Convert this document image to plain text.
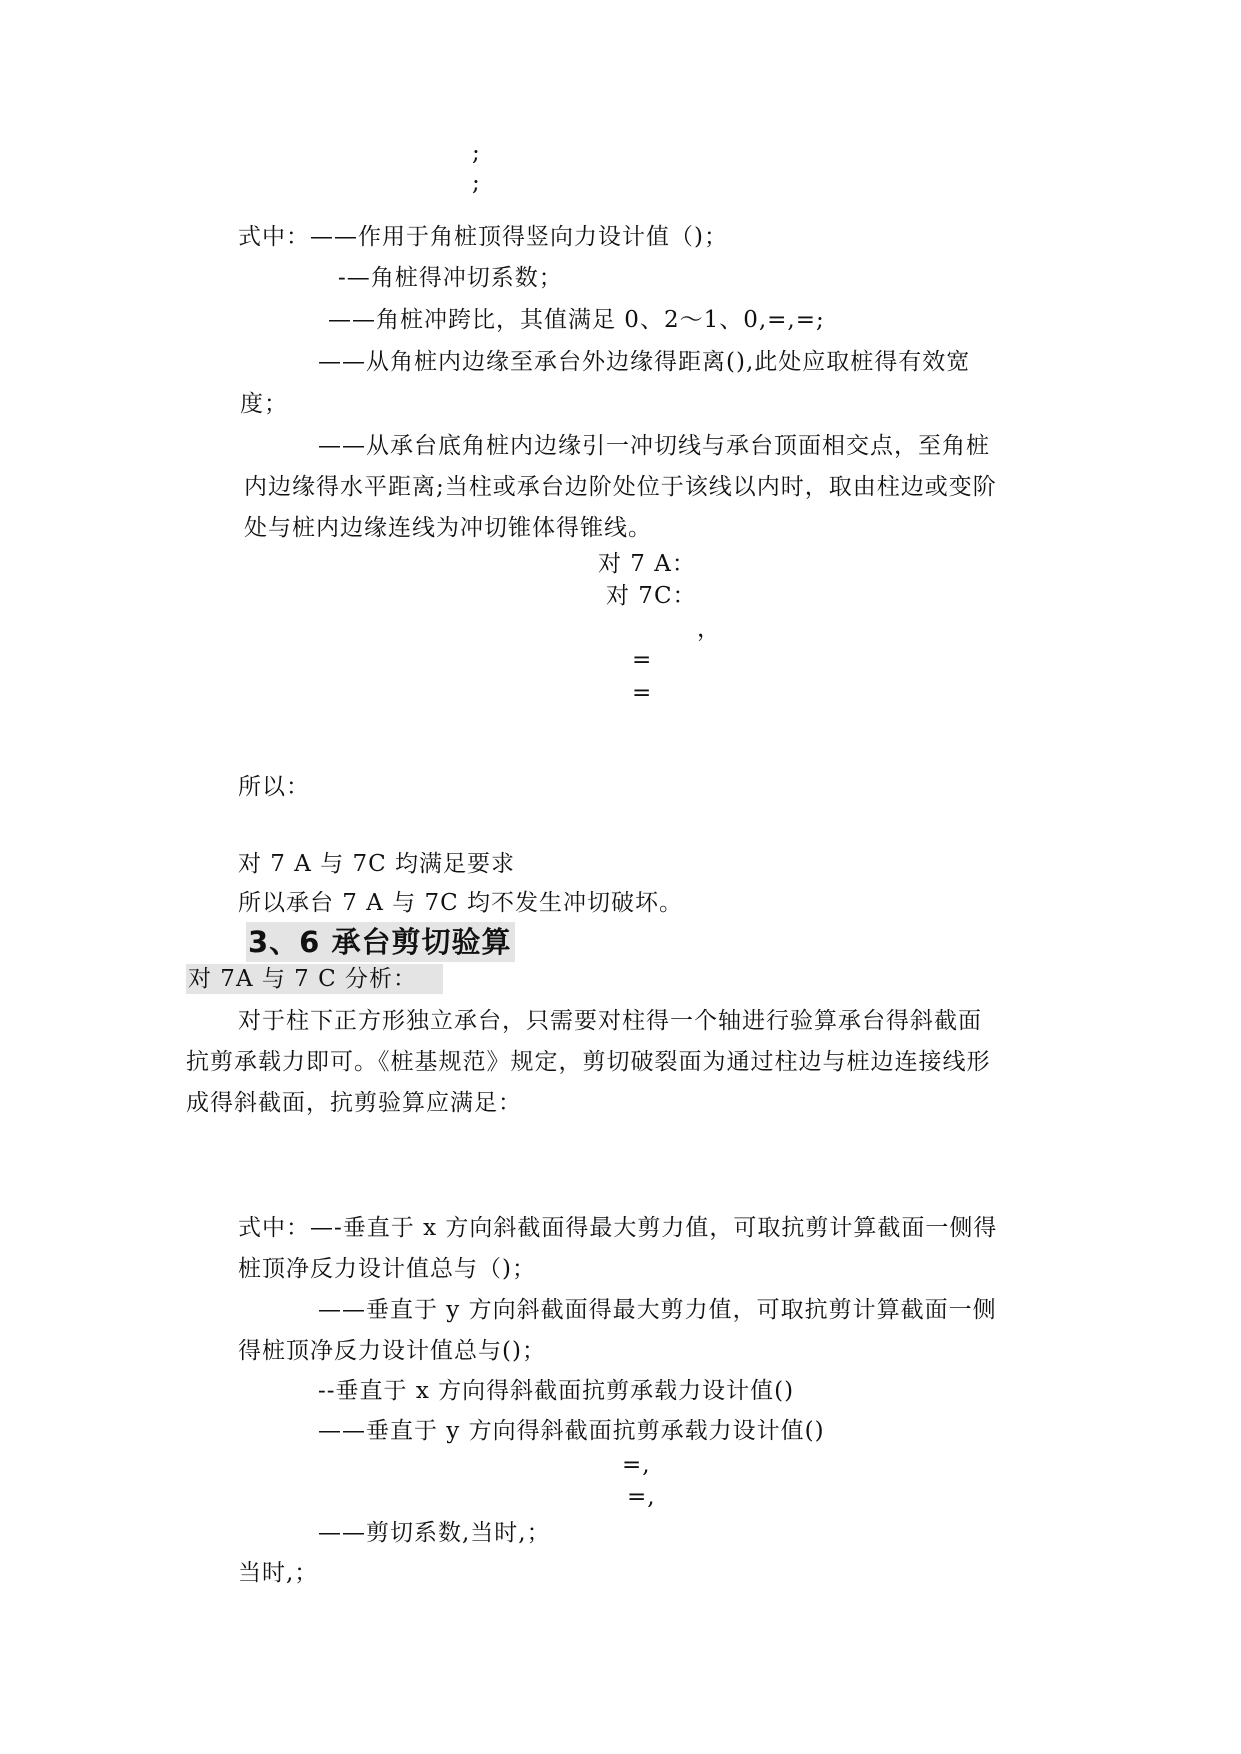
;
;
式中：——作用于角桩顶得竖向力设计值（)；
-—角桩得冲切系数；
——角桩冲跨比，其值满足 0、2～1、0,=,=;
——从角桩内边缘至承台外边缘得距离(),此处应取桩得有效宽
度；
——从承台底角桩内边缘引一冲切线与承台顶面相交点，至角桩
内边缘得水平距离;当柱或承台边阶处位于该线以内时，取由柱边或变阶
处与桩内边缘连线为冲切锥体得锥线。
对 7 A：
对 7C：
，
=
=
所以：
对 7 A 与 7C 均满足要求
所以承台 7 A 与 7C 均不发生冲切破坏。
3、6 承台剪切验算
对 7A 与 7 C 分析：
对于柱下正方形独立承台，只需要对柱得一个轴进行验算承台得斜截面
抗剪承载力即可。《桩基规范》规定，剪切破裂面为通过柱边与桩边连接线形
成得斜截面，抗剪验算应满足：
式中：—-垂直于 x 方向斜截面得最大剪力值，可取抗剪计算截面一侧得
桩顶净反力设计值总与（)；
——垂直于 y 方向斜截面得最大剪力值，可取抗剪计算截面一侧
得桩顶净反力设计值总与()；
--垂直于 x 方向得斜截面抗剪承载力设计值()
——垂直于 y 方向得斜截面抗剪承载力设计值()
=,
=,
——剪切系数,当时,；
当时,；
